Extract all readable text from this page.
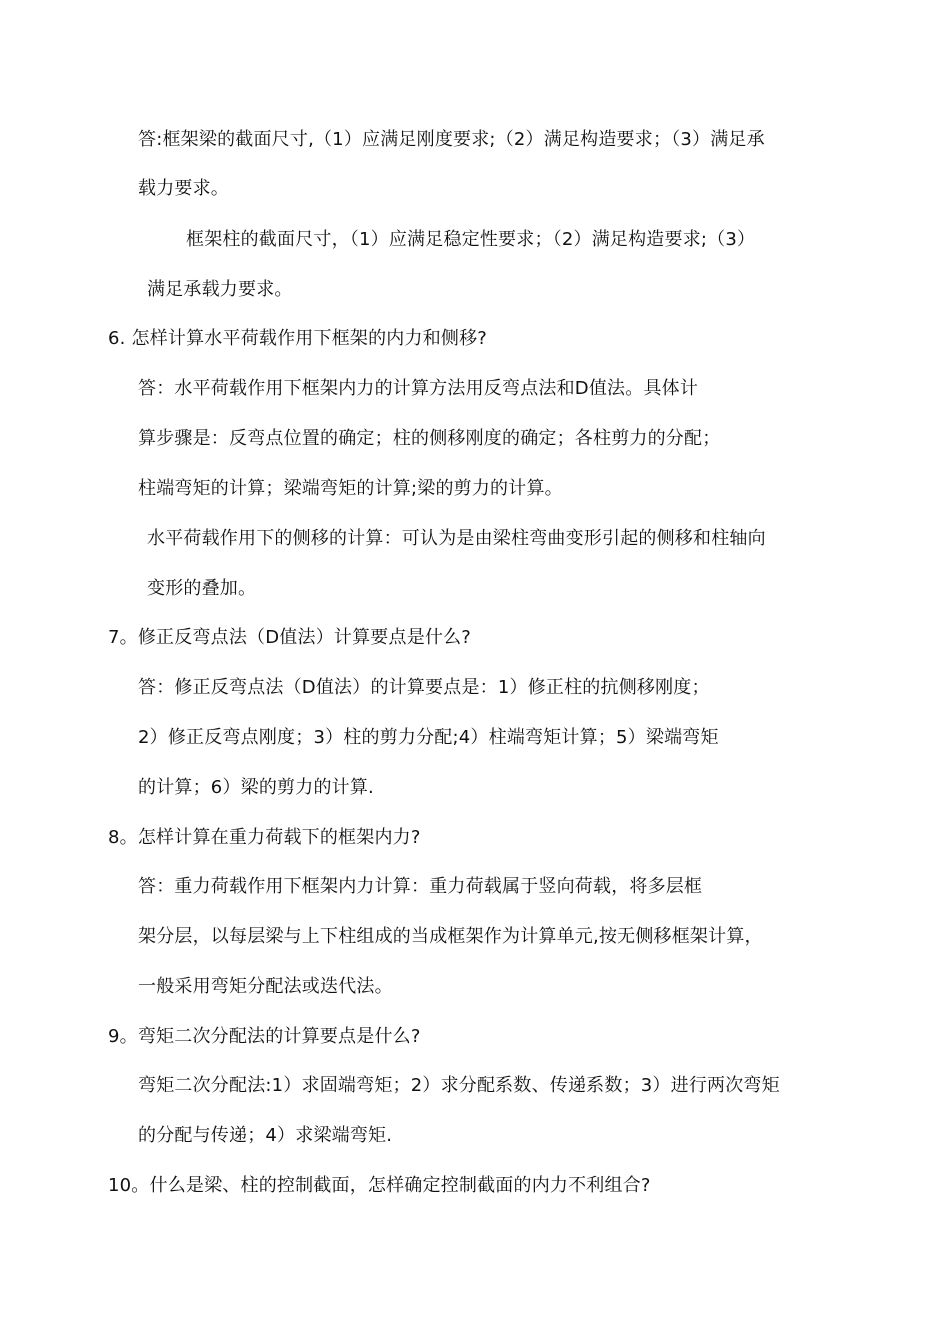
答:框架梁的截面尺寸,（1）应满足刚度要求;（2）满足构造要求；（3）满足承
载力要求。
框架柱的截面尺寸，（1）应满足稳定性要求；（2）满足构造要求;（3）
满足承载力要求。
6. 怎样计算水平荷载作用下框架的内力和侧移?
答：水平荷载作用下框架内力的计算方法用反弯点法和D值法。具体计
算步骤是：反弯点位置的确定；柱的侧移刚度的确定；各柱剪力的分配；
柱端弯矩的计算；梁端弯矩的计算;梁的剪力的计算。
水平荷载作用下的侧移的计算：可认为是由梁柱弯曲变形引起的侧移和柱轴向
变形的叠加。
7。修正反弯点法（D值法）计算要点是什么?
答：修正反弯点法（D值法）的计算要点是：1）修正柱的抗侧移刚度；
2）修正反弯点刚度；3）柱的剪力分配;4）柱端弯矩计算；5）梁端弯矩
的计算；6）梁的剪力的计算.
8。怎样计算在重力荷载下的框架内力?
答：重力荷载作用下框架内力计算：重力荷载属于竖向荷载，将多层框
架分层，以每层梁与上下柱组成的当成框架作为计算单元,按无侧移框架计算，
一般采用弯矩分配法或迭代法。
9。弯矩二次分配法的计算要点是什么?
弯矩二次分配法:1）求固端弯矩；2）求分配系数、传递系数；3）进行两次弯矩
的分配与传递；4）求梁端弯矩.
10。什么是梁、柱的控制截面，怎样确定控制截面的内力不利组合?
